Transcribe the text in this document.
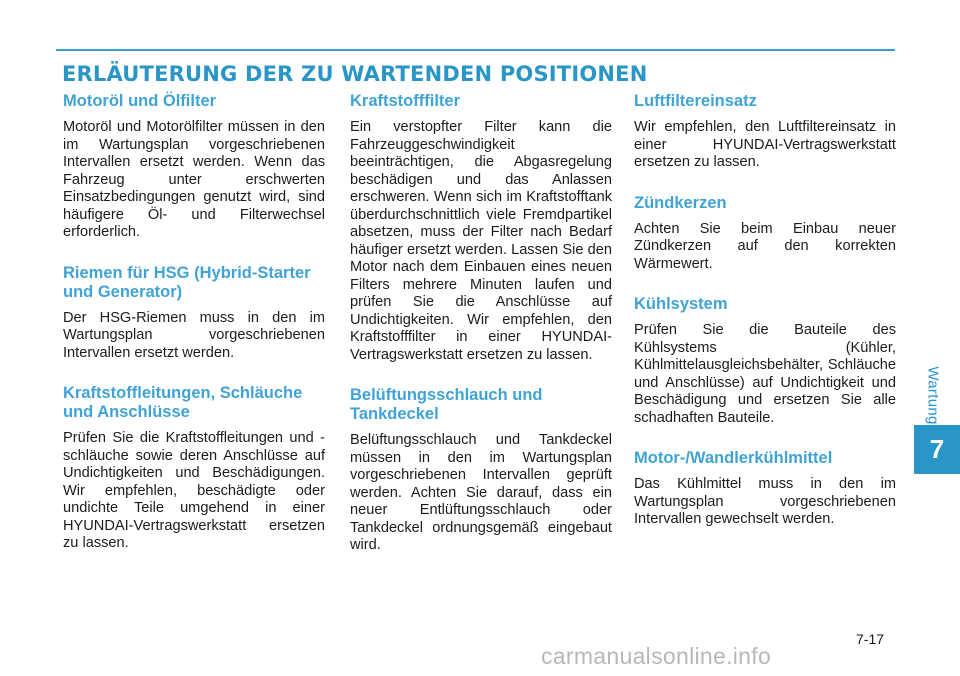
ERLÄUTERUNG DER ZU WARTENDEN POSITIONEN
Motoröl und Ölfilter

Motoröl und Motorölfilter müssen in den im Wartungsplan vorgeschriebenen Intervallen ersetzt werden. Wenn das Fahrzeug unter erschwerten Einsatzbedingungen genutzt wird, sind häufigere Öl- und Filterwechsel erforderlich.

Riemen für HSG (Hybrid-Starter und Generator)

Der HSG-Riemen muss in den im Wartungsplan vorgeschriebenen Intervallen ersetzt werden.

Kraftstoffleitungen, Schläuche und Anschlüsse

Prüfen Sie die Kraftstoffleitungen und -schläuche sowie deren Anschlüsse auf Undichtigkeiten und Beschädigungen. Wir empfehlen, beschädigte oder undichte Teile umgehend in einer HYUNDAI-Vertragswerkstatt ersetzen zu lassen.

Kraftstofffilter

Ein verstopfter Filter kann die Fahrzeuggeschwindigkeit beeinträchtigen, die Abgasregelung beschädigen und das Anlassen erschweren. Wenn sich im Kraftstofftank überdurchschnittlich viele Fremdpartikel absetzen, muss der Filter nach Bedarf häufiger ersetzt werden. Lassen Sie den Motor nach dem Einbauen eines neuen Filters mehrere Minuten laufen und prüfen Sie die Anschlüsse auf Undichtigkeiten. Wir empfehlen, den Kraftstofffilter in einer HYUNDAI-Vertragswerkstatt ersetzen zu lassen.

Belüftungsschlauch und Tankdeckel

Belüftungsschlauch und Tankdeckel müssen in den im Wartungsplan vorgeschriebenen Intervallen geprüft werden. Achten Sie darauf, dass ein neuer Entlüftungsschlauch oder Tankdeckel ordnungsgemäß eingebaut wird.

Luftfiltereinsatz

Wir empfehlen, den Luftfiltereinsatz in einer HYUNDAI-Vertragswerkstatt ersetzen zu lassen.

Zündkerzen

Achten Sie beim Einbau neuer Zündkerzen auf den korrekten Wärmewert.

Kühlsystem

Prüfen Sie die Bauteile des Kühlsystems (Kühler, Kühlmittelausgleichsbehälter, Schläuche und Anschlüsse) auf Undichtigkeit und Beschädigung und ersetzen Sie alle schadhaften Bauteile.

Motor-/Wandlerkühlmittel

Das Kühlmittel muss in den im Wartungsplan vorgeschriebenen Intervallen gewechselt werden.

Wartung
7
7-17
carmanualsonline.info
